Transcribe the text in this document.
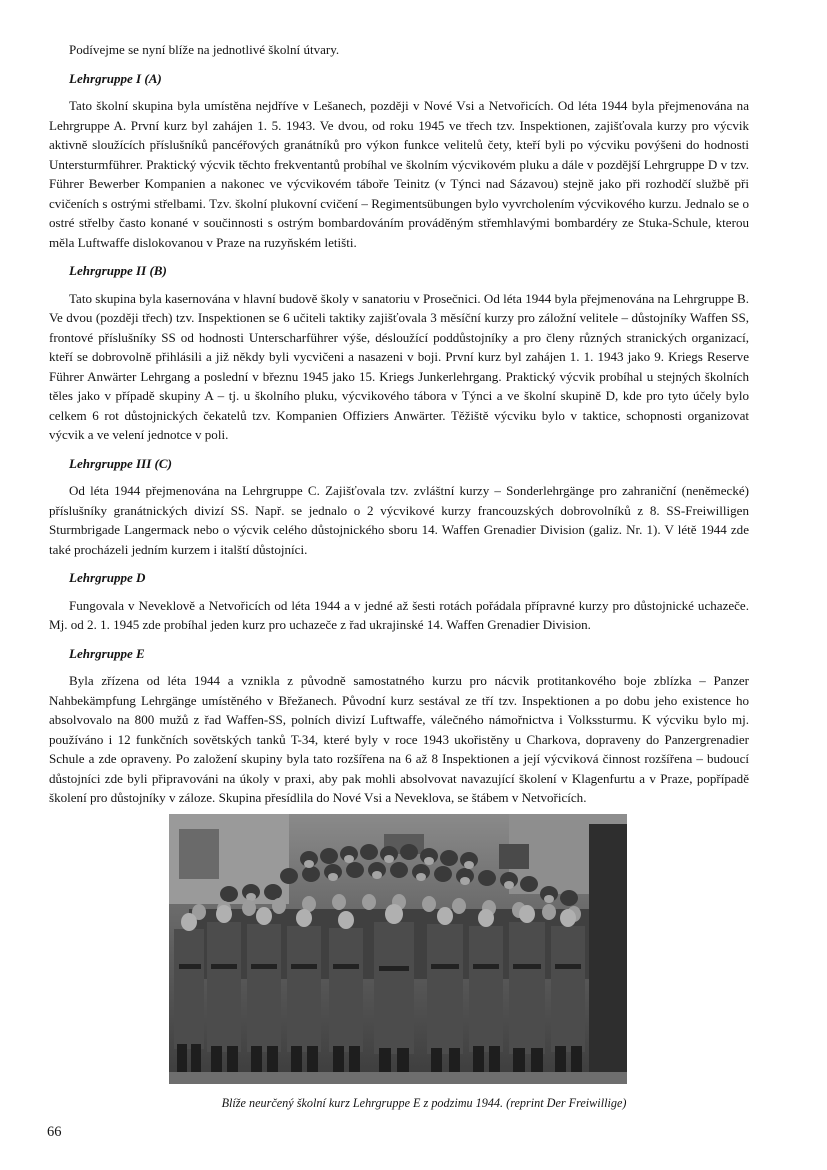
Podívejme se nyní blíže na jednotlivé školní útvary.

Lehrgruppe I (A)

Tato školní skupina byla umístěna nejdříve v Lešanech, později v Nové Vsi a Netvořicích. Od léta 1944 byla přejmenována na Lehrgruppe A. První kurz byl zahájen 1. 5. 1943. Ve dvou, od roku 1945 ve třech tzv. Inspektionen, zajišťovala kurzy pro výcvik aktivně sloužících příslušníků pancéřových granátníků pro výkon funkce velitelů čety, kteří byli po výcviku povýšeni do hodnosti Untersturmführer. Praktický výcvik těchto frekventantů probíhal ve školním výcvikovém pluku a dále v pozdější Lehrgruppe D v tzv. Führer Bewerber Kompanien a nakonec ve výcvikovém táboře Teinitz (v Týnci nad Sázavou) stejně jako při rozhodčí službě při cvičeních s ostrými střelbami. Tzv. školní plukovní cvičení – Regimentsübungen bylo vyvrcholením výcvikového kurzu. Jednalo se o ostré střelby často konané v součinnosti s ostrým bombardováním prováděným střemhlavými bombardéry ze Stuka-Schule, kterou měla Luftwaffe dislokovanou v Praze na ruzyňském letišti.

Lehrgruppe II (B)

Tato skupina byla kasernována v hlavní budově školy v sanatoriu v Prosečnici. Od léta 1944 byla přejmenována na Lehrgruppe B. Ve dvou (později třech) tzv. Inspektionen se 6 učiteli taktiky zajišťovala 3 měsíční kurzy pro záložní velitele – důstojníky Waffen SS, frontové příslušníky SS od hodnosti Unterscharführer výše, désloužící poddůstojníky a pro členy různých stranických organizací, kteří se dobrovolně přihlásili a již někdy byli vycvičeni a nasazeni v boji. První kurz byl zahájen 1. 1. 1943 jako 9. Kriegs Reserve Führer Anwärter Lehrgang a poslední v březnu 1945 jako 15. Kriegs Junkerlehrgang. Praktický výcvik probíhal u stejných školních těles jako v případě skupiny A – tj. u školního pluku, výcvikového tábora v Týnci a ve školní skupině D, kde pro tyto účely bylo celkem 6 rot důstojnických čekatelů tzv. Kompanien Offiziers Anwärter. Těžiště výcviku bylo v taktice, schopnosti organizovat výcvik a ve velení jednotce v poli.

Lehrgruppe III (C)

Od léta 1944 přejmenována na Lehrgruppe C. Zajišťovala tzv. zvláštní kurzy – Sonderlehrgänge pro zahraniční (neněmecké) příslušníky granátnických divizí SS. Např. se jednalo o 2 výcvikové kurzy francouzských dobrovolníků z 8. SS-Freiwilligen Sturmbrigade Langermack nebo o výcvik celého důstojnického sboru 14. Waffen Grenadier Division (galiz. Nr. 1). V létě 1944 zde také procházeli jedním kurzem i italští důstojníci.

Lehrgruppe D

Fungovala v Neveklově a Netvořicích od léta 1944 a v jedné až šesti rotách pořádala přípravné kurzy pro důstojnické uchazeče. Mj. od 2. 1. 1945 zde probíhal jeden kurz pro uchazeče z řad ukrajinské 14. Waffen Grenadier Division.

Lehrgruppe E

Byla zřízena od léta 1944 a vznikla z původně samostatného kurzu pro nácvik protitankového boje zblízka – Panzer Nahbekämpfung Lehrgänge umístěného v Břežanech. Původní kurz sestával ze tří tzv. Inspektionen a po dobu jeho existence ho absolvovalo na 800 mužů z řad Waffen-SS, polních divizí Luftwaffe, válečného námořnictva i Volkssturmu. K výcviku bylo mj. používáno i 12 funkčních sovětských tanků T-34, které byly v roce 1943 ukořistěny u Charkova, dopraveny do Panzergrenadier Schule a zde opraveny. Po založení skupiny byla tato rozšířena na 6 až 8 Inspektionen a její výcviková činnost rozšířena – budoucí důstojníci zde byli připravováni na úkoly v praxi, aby pak mohli absolvovat navazující školení v Klagenfurtu a v Praze, popřípadě školení pro důstojníky v záloze. Skupina přesídlila do Nové Vsi a Neveklova, se štábem v Netvořicích.

Blíže neurčený školní kurz Lehrgruppe E z podzimu 1944. (reprint Der Freiwillige)
66
